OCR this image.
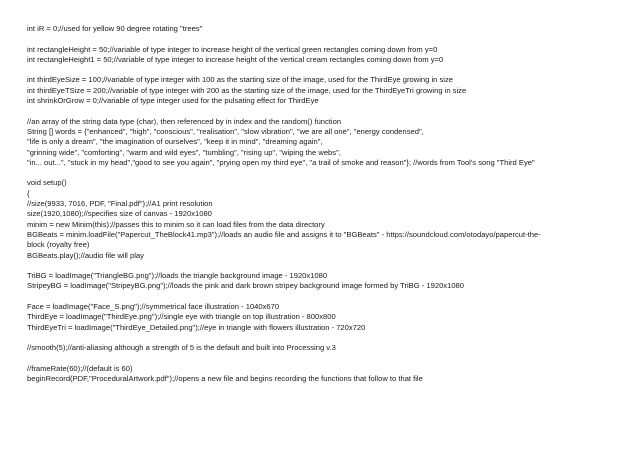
int iR = 0;//used for yellow 90 degree rotating "trees"
int rectangleHeight = 50;//variable of type integer to increase height of the vertical green rectangles coming down from y=0
int rectangleHeight1 = 50;//variable of type integer to increase height of the vertical cream rectangles coming down from y=0
int thirdEyeSize = 100;//variable of type integer with 100 as the starting size of the image, used for the ThirdEye growing in size
int thirdEyeTSize = 200;//variable of type integer with 200 as the starting size of the image, used for the ThirdEyeTri growing in size
int shrinkOrGrow = 0;//variable of type integer used for the pulsating effect for ThirdEye
//an array of the string data type (char), then referenced by in index and the random() function
String [] words = {"enhanced", "high", "conscious", "realisation", "slow vibration", "we are all one", "energy condensed",
"life is only a dream", "the imagination of ourselves", "keep it in mind", "dreaming again",
"grinning wide", "comforting", "warm and wild eyes", "tumbling", "rising up", "wiping the webs",
"in... out...", "stuck in my head","good to see you again", "prying open my third eye", "a trail of smoke and reason"}; //words from Tool's song "Third Eye"
void setup()
{
//size(9933, 7016, PDF, "Final.pdf");//A1 print resolution
size(1920,1080);//specifies size of canvas - 1920x1080
minim = new Minim(this);//passes this to minim so it can load files from the data directory
BGBeats = minim.loadFile("Papercut_TheBlock41.mp3");//loads an audio file and assigns it to "BGBeats" - https://soundcloud.com/otodayo/papercut-the-
block (royalty free)
BGBeats.play();//audio file will play
TriBG = loadImage("TriangleBG.png");//loads the triangle background image - 1920x1080
StripeyBG = loadImage("StripeyBG.png");//loads the pink and dark brown stripey background image formed by TriBG - 1920x1080
Face = loadImage("Face_S.png");//symmetrical face illustration - 1040x670
ThirdEye = loadImage("ThirdEye.png");//single eye with triangle on top illustration - 800x800
ThirdEyeTri = loadImage("ThirdEye_Detailed.png");//eye in triangle with flowers illustration - 720x720
//smooth(5);//anti-aliasing although a strength of 5 is the default and built into Processing v.3
//frameRate(60);//(default is 60)
beginRecord(PDF,"ProceduralArtwork.pdf");//opens a new file and begins recording the functions that follow to that file
